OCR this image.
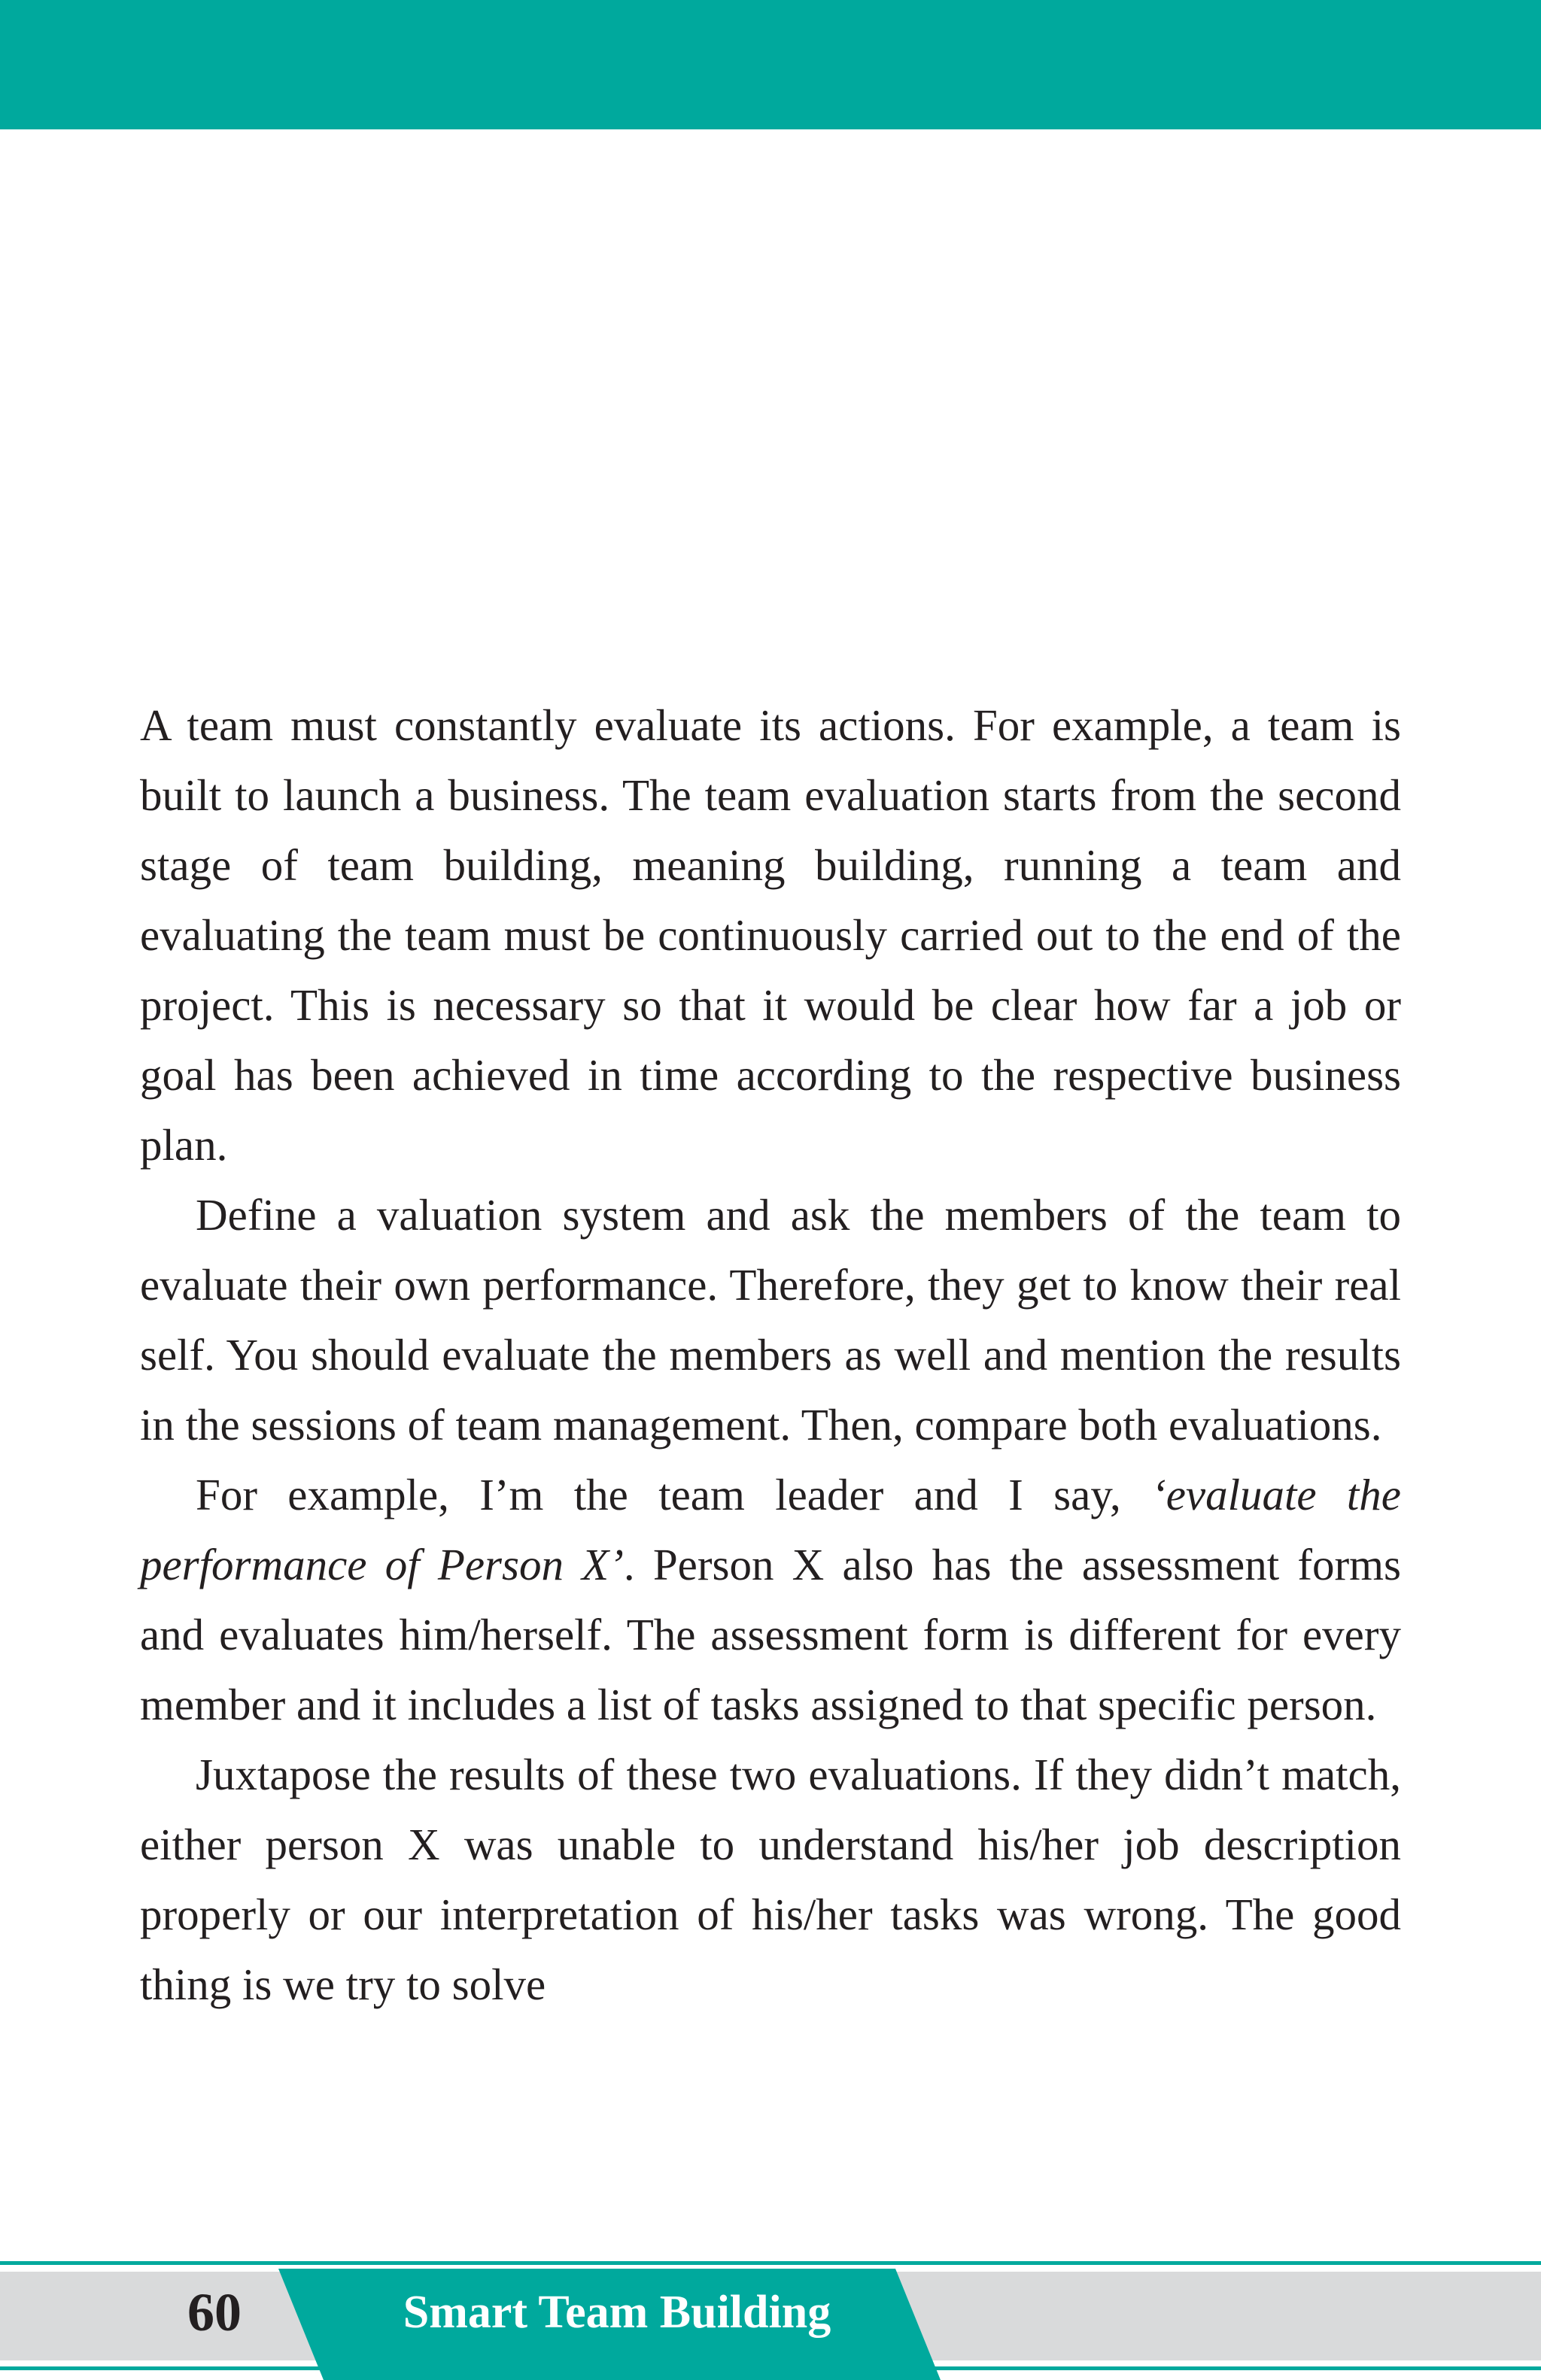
A team must constantly evaluate its actions. For example, a team is built to launch a business. The team evaluation starts from the second stage of team building, meaning building, running a team and evaluating the team must be continuously carried out to the end of the project. This is necessary so that it would be clear how far a job or goal has been achieved in time according to the respective business plan.

Define a valuation system and ask the members of the team to evaluate their own performance. Therefore, they get to know their real self. You should evaluate the members as well and mention the results in the sessions of team management. Then, compare both evaluations.

For example, I’m the team leader and I say, ‘evaluate the performance of Person X’. Person X also has the assessment forms and evaluates him/herself. The assessment form is different for every member and it includes a list of tasks assigned to that specific person.

Juxtapose the results of these two evaluations. If they didn’t match, either person X was unable to understand his/her job description properly or our interpretation of his/her tasks was wrong. The good thing is we try to solve

60	Smart Team Building
